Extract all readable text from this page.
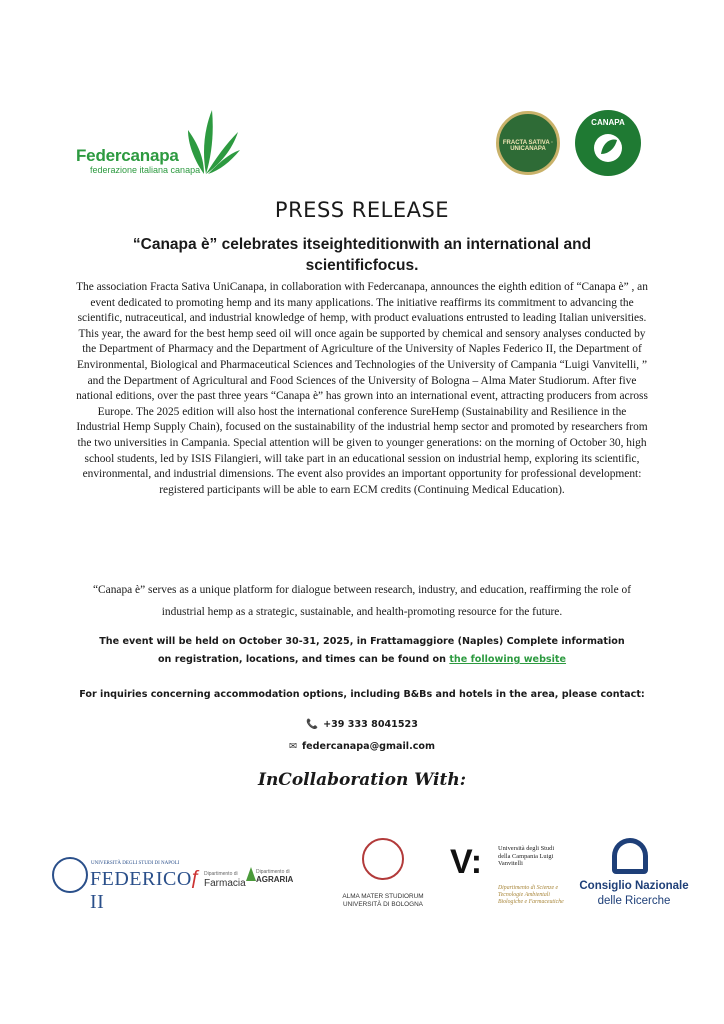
Federcanapa
federazione italiana canapa
FRACTA SATIVA · UNICANAPA
CANAPA
PRESS RELEASE
“Canapa è” celebrates itseighteditionwith an international and scientificfocus.
The association Fracta Sativa UniCanapa, in collaboration with Federcanapa, announces the eighth edition of “Canapa è” , an event dedicated to promoting hemp and its many applications. The initiative reaffirms its commitment to advancing the scientific, nutraceutical, and industrial knowledge of hemp, with product evaluations entrusted to leading Italian universities. This year, the award for the best hemp seed oil will once again be supported by chemical and sensory analyses conducted by the Department of Pharmacy and the Department of Agriculture of the University of Naples Federico II, the Department of Environmental, Biological and Pharmaceutical Sciences and Technologies of the University of Campania “Luigi Vanvitelli, ” and the Department of Agricultural and Food Sciences of the University of Bologna – Alma Mater Studiorum. After five national editions, over the past three years “Canapa è” has grown into an international event, attracting producers from across Europe. The 2025 edition will also host the international conference SureHemp (Sustainability and Resilience in the Industrial Hemp Supply Chain), focused on the sustainability of the industrial hemp sector and promoted by researchers from the two universities in Campania. Special attention will be given to younger generations: on the morning of October 30, high school students, led by ISIS Filangieri, will take part in an educational session on industrial hemp, exploring its scientific, environmental, and industrial dimensions. The event also provides an important opportunity for professional development: registered participants will be able to earn ECM credits (Continuing Medical Education).
“Canapa è” serves as a unique platform for dialogue between research, industry, and education, reaffirming the role of industrial hemp as a strategic, sustainable, and health-promoting resource for the future.
The event will be held on October 30-31, 2025, in Frattamaggiore (Naples) Complete information on registration, locations, and times can be found on the following website
For inquiries concerning accommodation options, including B&Bs and hotels in the area, please contact:
📞 +39 333 8041523
✉ federcanapa@gmail.com
InCollaboration With:
UNIVERSITÀ DEGLI STUDI DI NAPOLI
FEDERICO II
ƒ Dipartimento di
Farmacia
Dipartimento di
AGRARIA
ALMA MATER STUDIORUM
UNIVERSITÀ DI BOLOGNA
V: Università degli Studi della Campania Luigi Vanvitelli
Dipartimento di Scienze e Tecnologie Ambientali Biologiche e Farmaceutiche
Consiglio Nazionale
delle Ricerche
